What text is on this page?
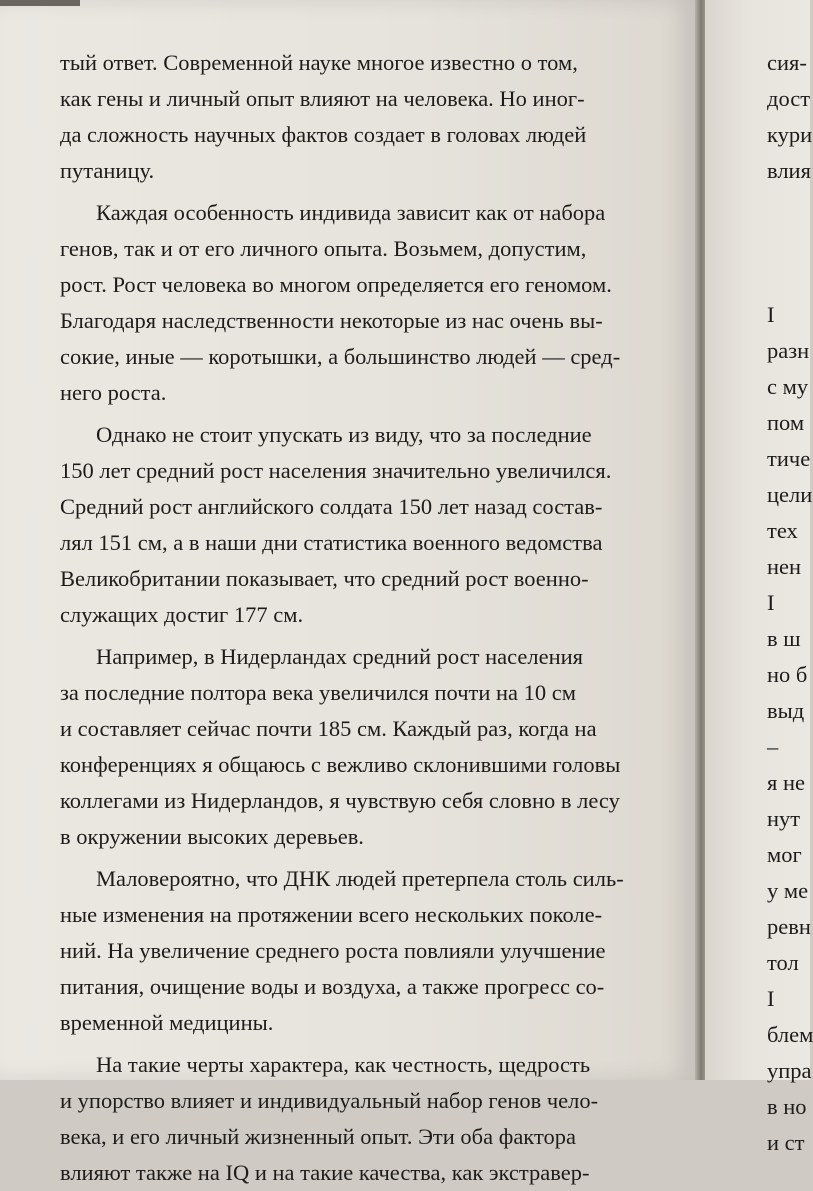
тый ответ. Современной науке многое известно о том,
как гены и личный опыт влияют на человека. Но иног-
да сложность научных фактов создает в головах людей
путаницу.
Каждая особенность индивида зависит как от набора
генов, так и от его личного опыта. Возьмем, допустим,
рост. Рост человека во многом определяется его геномом.
Благодаря наследственности некоторые из нас очень вы-
сокие, иные — коротышки, а большинство людей — сред-
него роста.
Однако не стоит упускать из виду, что за последние
150 лет средний рост населения значительно увеличился.
Средний рост английского солдата 150 лет назад состав-
лял 151 см, а в наши дни статистика военного ведомства
Великобритании показывает, что средний рост военно-
служащих достиг 177 см.
Например, в Нидерландах средний рост населения
за последние полтора века увеличился почти на 10 см
и составляет сейчас почти 185 см. Каждый раз, когда на
конференциях я общаюсь с вежливо склонившими головы
коллегами из Нидерландов, я чувствую себя словно в лесу
в окружении высоких деревьев.
Маловероятно, что ДНК людей претерпела столь силь-
ные изменения на протяжении всего нескольких поколе-
ний. На увеличение среднего роста повлияли улучшение
питания, очищение воды и воздуха, а также прогресс со-
временной медицины.
На такие черты характера, как честность, щедрость
и упорство влияет и индивидуальный набор генов чело-
века, и его личный жизненный опыт. Эти оба фактора
влияют также на IQ и на такие качества, как экстравер-
сия-
дост
кури
влия
І
разн
с му
пом
тиче
цели
тех
нен
І
в ш
но б
выд
–
я не
нут
мог
у ме
ревн
тол
І
блем
упра
в но
и ст
